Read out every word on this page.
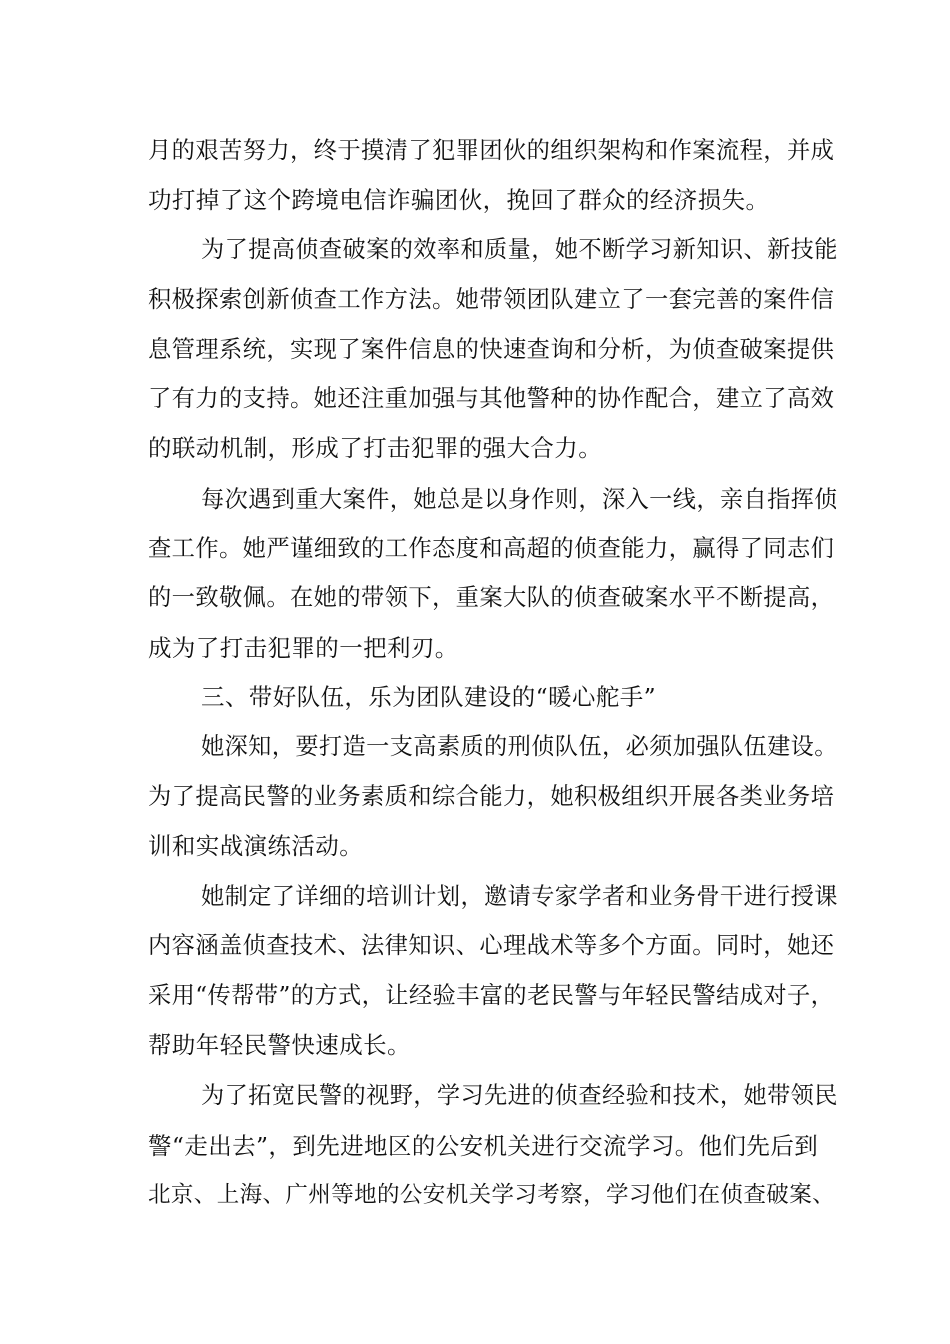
月的艰苦努力，终于摸清了犯罪团伙的组织架构和作案流程，并成
功打掉了这个跨境电信诈骗团伙，挽回了群众的经济损失。
为了提高侦查破案的效率和质量，她不断学习新知识、新技能
积极探索创新侦查工作方法。她带领团队建立了一套完善的案件信
息管理系统，实现了案件信息的快速查询和分析，为侦查破案提供
了有力的支持。她还注重加强与其他警种的协作配合，建立了高效
的联动机制，形成了打击犯罪的强大合力。
每次遇到重大案件，她总是以身作则，深入一线，亲自指挥侦
查工作。她严谨细致的工作态度和高超的侦查能力，赢得了同志们
的一致敬佩。在她的带领下，重案大队的侦查破案水平不断提高，
成为了打击犯罪的一把利刃。
三、带好队伍，乐为团队建设的“暖心舵手”
她深知，要打造一支高素质的刑侦队伍，必须加强队伍建设。
为了提高民警的业务素质和综合能力，她积极组织开展各类业务培
训和实战演练活动。
她制定了详细的培训计划，邀请专家学者和业务骨干进行授课
内容涵盖侦查技术、法律知识、心理战术等多个方面。同时，她还
采用“传帮带”的方式，让经验丰富的老民警与年轻民警结成对子，
帮助年轻民警快速成长。
为了拓宽民警的视野，学习先进的侦查经验和技术，她带领民
警“走出去”，到先进地区的公安机关进行交流学习。他们先后到
北京、上海、广州等地的公安机关学习考察，学习他们在侦查破案、
